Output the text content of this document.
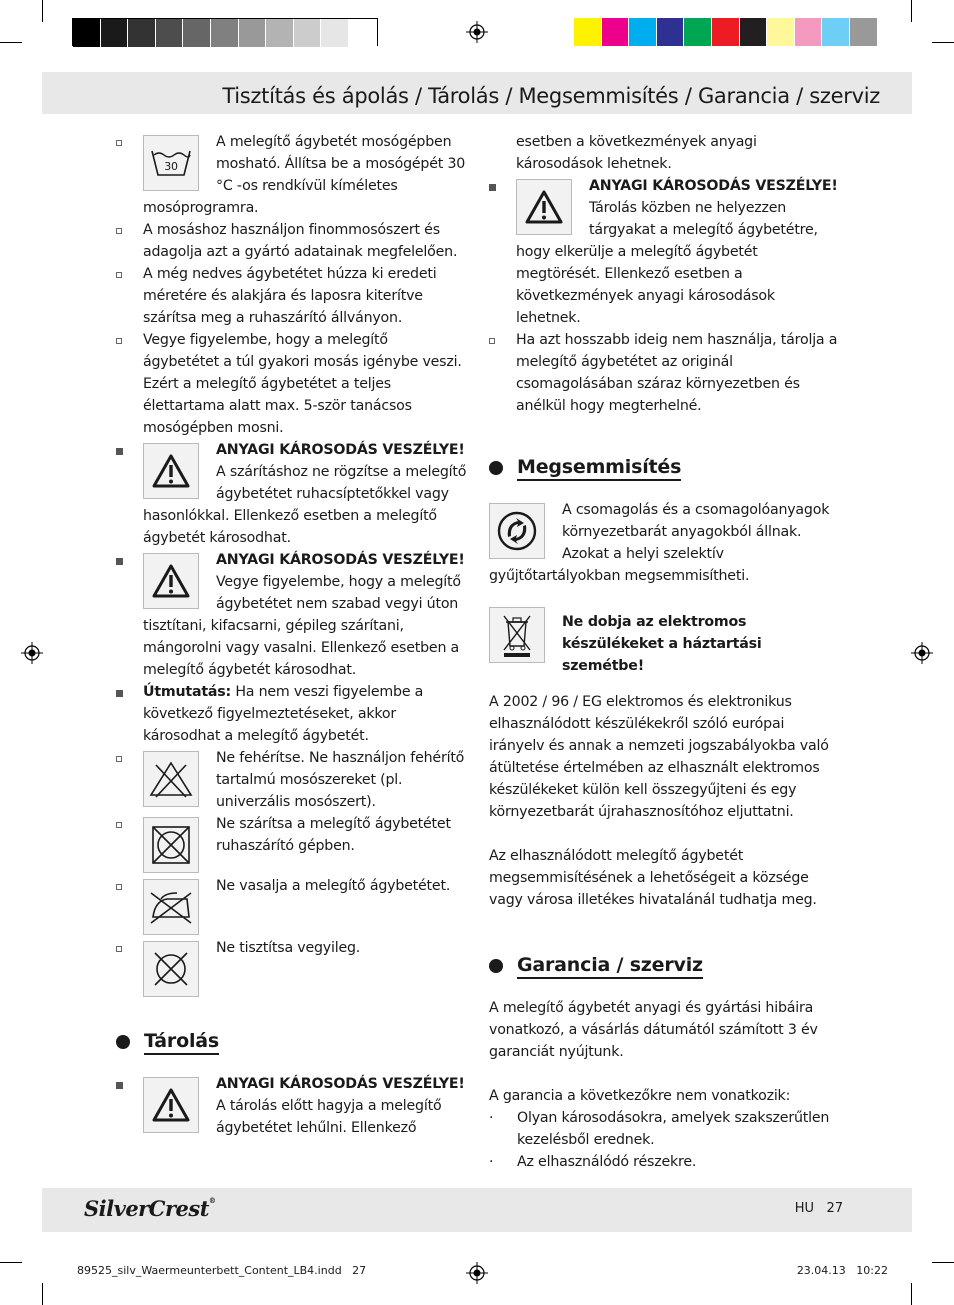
Tisztítás és ápolás / Tárolás / Megsemmisítés / Garancia / szerviz
30
A melegítő ágybetét mosógépben mosható. Állítsa be a mosógépét 30 °C -os rendkívül kíméletes mosóprogramra.
A mosáshoz használjon finommosószert és adagolja azt a gyártó adatainak megfelelően.
A még nedves ágybetétet húzza ki eredeti méretére és alakjára és laposra kiterítve szárítsa meg a ruhaszárító állványon.
Vegye figyelembe, hogy a melegítő ágybetétet a túl gyakori mosás igénybe veszi. Ezért a melegítő ágybetétet a teljes élettartama alatt max. 5-ször tanácsos mosógépben mosni.
ANYAGI KÁROSODÁS VESZÉLYE! A szárításhoz ne rögzítse a melegítő ágybetétet ruhacsíptetőkkel vagy hasonlókkal. Ellenkező esetben a melegítő ágybetét károsodhat.
ANYAGI KÁROSODÁS VESZÉLYE! Vegye figyelembe, hogy a melegítő ágybetétet nem szabad vegyi úton tisztítani, kifacsarni, gépileg szárítani, mángorolni vagy vasalni. Ellenkező esetben a melegítő ágybetét károsodhat.
Útmutatás: Ha nem veszi figyelembe a következő figyelmeztetéseket, akkor károsodhat a melegítő ágybetét.
Ne fehérítse. Ne használjon fehérítő tartalmú mosószereket (pl. univerzális mosószert).
Ne szárítsa a melegítő ágybetétet ruhaszárító gépben.
Ne vasalja a melegítő ágybetétet.
Ne tisztítsa vegyileg.
Tárolás
ANYAGI KÁROSODÁS VESZÉLYE! A tárolás előtt hagyja a melegítő ágybetétet lehűlni. Ellenkező
esetben a következmények anyagi károsodások lehetnek.
ANYAGI KÁROSODÁS VESZÉLYE! Tárolás közben ne helyezzen tárgyakat a melegítő ágybetétre, hogy elkerülje a melegítő ágybetét megtörését. Ellenkező esetben a következmények anyagi károsodások lehetnek.
Ha azt hosszabb ideig nem használja, tárolja a melegítő ágybetétet az originál csomagolásában száraz környezetben és anélkül hogy megterhelné.
Megsemmisítés
A csomagolás és a csomagolóanyagok környezetbarát anyagokból állnak. Azokat a helyi szelektív gyűjtőtartályokban megsemmisítheti.
Ne dobja az elektromos készülékeket a háztartási szemétbe!

A 2002 / 96 / EG elektromos és elektronikus elhasználódott készülékekről szóló európai irányelv és annak a nemzeti jogszabályokba való átültetése értelmében az elhasznált elektromos készülékeket külön kell összegyűjteni és egy környezetbarát újrahasznosítóhoz eljuttatni.

Az elhasználódott melegítő ágybetét megsemmisítésének a lehetőségeit a községe vagy városa illetékes hivatalánál tudhatja meg.

Garancia / szerviz

A melegítő ágybetét anyagi és gyártási hibáira vonatkozó, a vásárlás dátumától számított 3 év garanciát nyújtunk.

A garancia a következőkre nem vonatkozik:

· Olyan károsodásokra, amelyek szakszerűtlen kezelésből erednek.
· Az elhasználódó részekre.
SilverCrest®
HU 27
89525_silv_Waermeunterbett_Content_LB4.indd   27	23.04.13   10:22
